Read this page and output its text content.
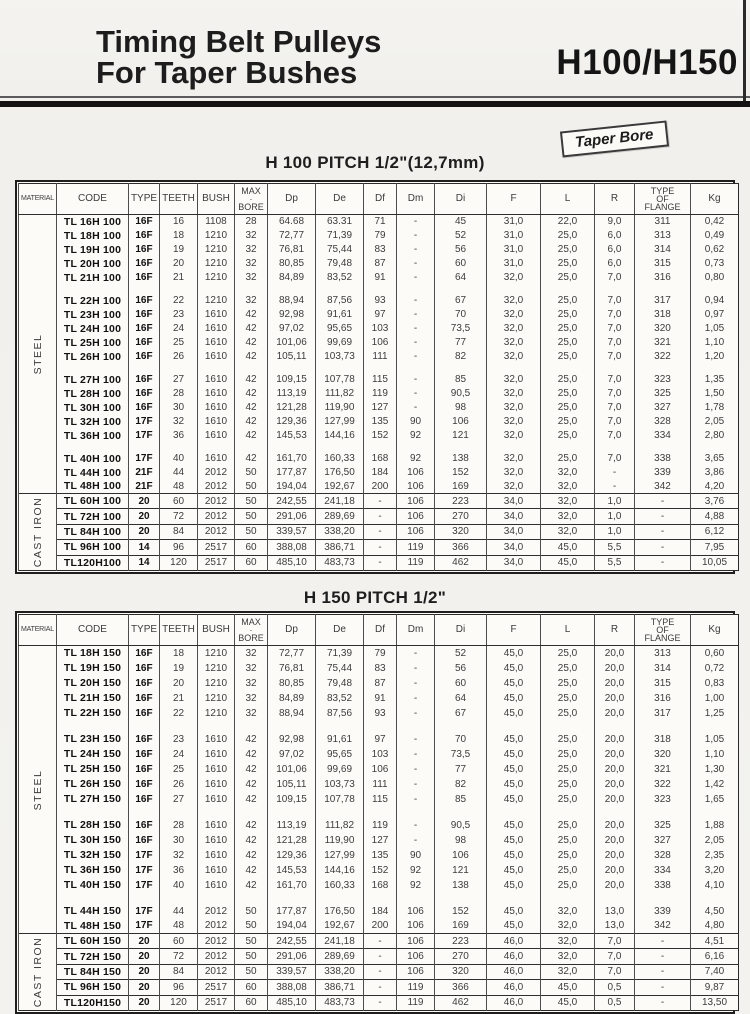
Timing Belt Pulleys
For Taper Bushes	H100/H150
Taper Bore
H 100 PITCH 1/2"(12,7mm)
MATERIAL	CODE	TYPE	TEETH	BUSH	MAX
·
BORE	Dp	De	Df	Dm	Di	F	L	R	TYPE
OF
FLANGE	Kg

STEEL	TL 16H 100	16F	16	1108	28	64.68	63.31	71	-	45	31,0	22,0	9,0	311	0,42
	TL 18H 100	16F	18	1210	32	72,77	71,39	79	-	52	31,0	25,0	6,0	313	0,49
	TL 19H 100	16F	19	1210	32	76,81	75,44	83	-	56	31,0	25,0	6,0	314	0,62
	TL 20H 100	16F	20	1210	32	80,85	79,48	87	-	60	31,0	25,0	6,0	315	0,73
	TL 21H 100	16F	21	1210	32	84,89	83,52	91	-	64	32,0	25,0	7,0	316	0,80

	TL 22H 100	16F	22	1210	32	88,94	87,56	93	-	67	32,0	25,0	7,0	317	0,94
	TL 23H 100	16F	23	1610	42	92,98	91,61	97	-	70	32,0	25,0	7,0	318	0,97
	TL 24H 100	16F	24	1610	42	97,02	95,65	103	-	73,5	32,0	25,0	7,0	320	1,05
	TL 25H 100	16F	25	1610	42	101,06	99,69	106	-	77	32,0	25,0	7,0	321	1,10
	TL 26H 100	16F	26	1610	42	105,11	103,73	111	-	82	32,0	25,0	7,0	322	1,20

	TL 27H 100	16F	27	1610	42	109,15	107,78	115	-	85	32,0	25,0	7,0	323	1,35
	TL 28H 100	16F	28	1610	42	113,19	111,82	119	-	90,5	32,0	25,0	7,0	325	1,50
	TL 30H 100	16F	30	1610	42	121,28	119,90	127	-	98	32,0	25,0	7,0	327	1,78
	TL 32H 100	17F	32	1610	42	129,36	127,99	135	90	106	32,0	25,0	7,0	328	2,05
	TL 36H 100	17F	36	1610	42	145,53	144,16	152	92	121	32,0	25,0	7,0	334	2,80

	TL 40H 100	17F	40	1610	42	161,70	160,33	168	92	138	32,0	25,0	7,0	338	3,65
	TL 44H 100	21F	44	2012	50	177,87	176,50	184	106	152	32,0	32,0	-	339	3,86
	TL 48H 100	21F	48	2012	50	194,04	192,67	200	106	169	32,0	32,0	-	342	4,20

CAST IRON	TL 60H 100	20	60	2012	50	242,55	241,18	-	106	223	34,0	32,0	1,0	-	3,76
	TL 72H 100	20	72	2012	50	291,06	289,69	-	106	270	34,0	32,0	1,0	-	4,88
	TL 84H 100	20	84	2012	50	339,57	338,20	-	106	320	34,0	32,0	1,0	-	6,12
	TL 96H 100	14	96	2517	60	388,08	386,71	-	119	366	34,0	45,0	5,5	-	7,95
	TL120H100	14	120	2517	60	485,10	483,73	-	119	462	34,0	45,0	5,5	-	10,05
H 150 PITCH 1/2"
MATERIAL	CODE	TYPE	TEETH	BUSH	MAX
·
BORE	Dp	De	Df	Dm	Di	F	L	R	TYPE
OF
FLANGE	Kg

STEEL	TL 18H 150	16F	18	1210	32	72,77	71,39	79	-	52	45,0	25,0	20,0	313	0,60
	TL 19H 150	16F	19	1210	32	76,81	75,44	83	-	56	45,0	25,0	20,0	314	0,72
	TL 20H 150	16F	20	1210	32	80,85	79,48	87	-	60	45,0	25,0	20,0	315	0,83
	TL 21H 150	16F	21	1210	32	84,89	83,52	91	-	64	45,0	25,0	20,0	316	1,00
	TL 22H 150	16F	22	1210	32	88,94	87,56	93	-	67	45,0	25,0	20,0	317	1,25

	TL 23H 150	16F	23	1610	42	92,98	91,61	97	-	70	45,0	25,0	20,0	318	1,05
	TL 24H 150	16F	24	1610	42	97,02	95,65	103	-	73,5	45,0	25,0	20,0	320	1,10
	TL 25H 150	16F	25	1610	42	101,06	99,69	106	-	77	45,0	25,0	20,0	321	1,30
	TL 26H 150	16F	26	1610	42	105,11	103,73	111	-	82	45,0	25,0	20,0	322	1,42
	TL 27H 150	16F	27	1610	42	109,15	107,78	115	-	85	45,0	25,0	20,0	323	1,65

	TL 28H 150	16F	28	1610	42	113,19	111,82	119	-	90,5	45,0	25,0	20,0	325	1,88
	TL 30H 150	16F	30	1610	42	121,28	119,90	127	-	98	45,0	25,0	20,0	327	2,05
	TL 32H 150	17F	32	1610	42	129,36	127,99	135	90	106	45,0	25,0	20,0	328	2,35
	TL 36H 150	17F	36	1610	42	145,53	144,16	152	92	121	45,0	25,0	20,0	334	3,20
	TL 40H 150	17F	40	1610	42	161,70	160,33	168	92	138	45,0	25,0	20,0	338	4,10

	TL 44H 150	17F	44	2012	50	177,87	176,50	184	106	152	45,0	32,0	13,0	339	4,50
	TL 48H 150	17F	48	2012	50	194,04	192,67	200	106	169	45,0	32,0	13,0	342	4,80

CAST IRON	TL 60H 150	20	60	2012	50	242,55	241,18	-	106	223	46,0	32,0	7,0	-	4,51
	TL 72H 150	20	72	2012	50	291,06	289,69	-	106	270	46,0	32,0	7,0	-	6,16
	TL 84H 150	20	84	2012	50	339,57	338,20	-	106	320	46,0	32,0	7,0	-	7,40
	TL 96H 150	20	96	2517	60	388,08	386,71	-	119	366	46,0	45,0	0,5	-	9,87
	TL120H150	20	120	2517	60	485,10	483,73	-	119	462	46,0	45,0	0,5	-	13,50
